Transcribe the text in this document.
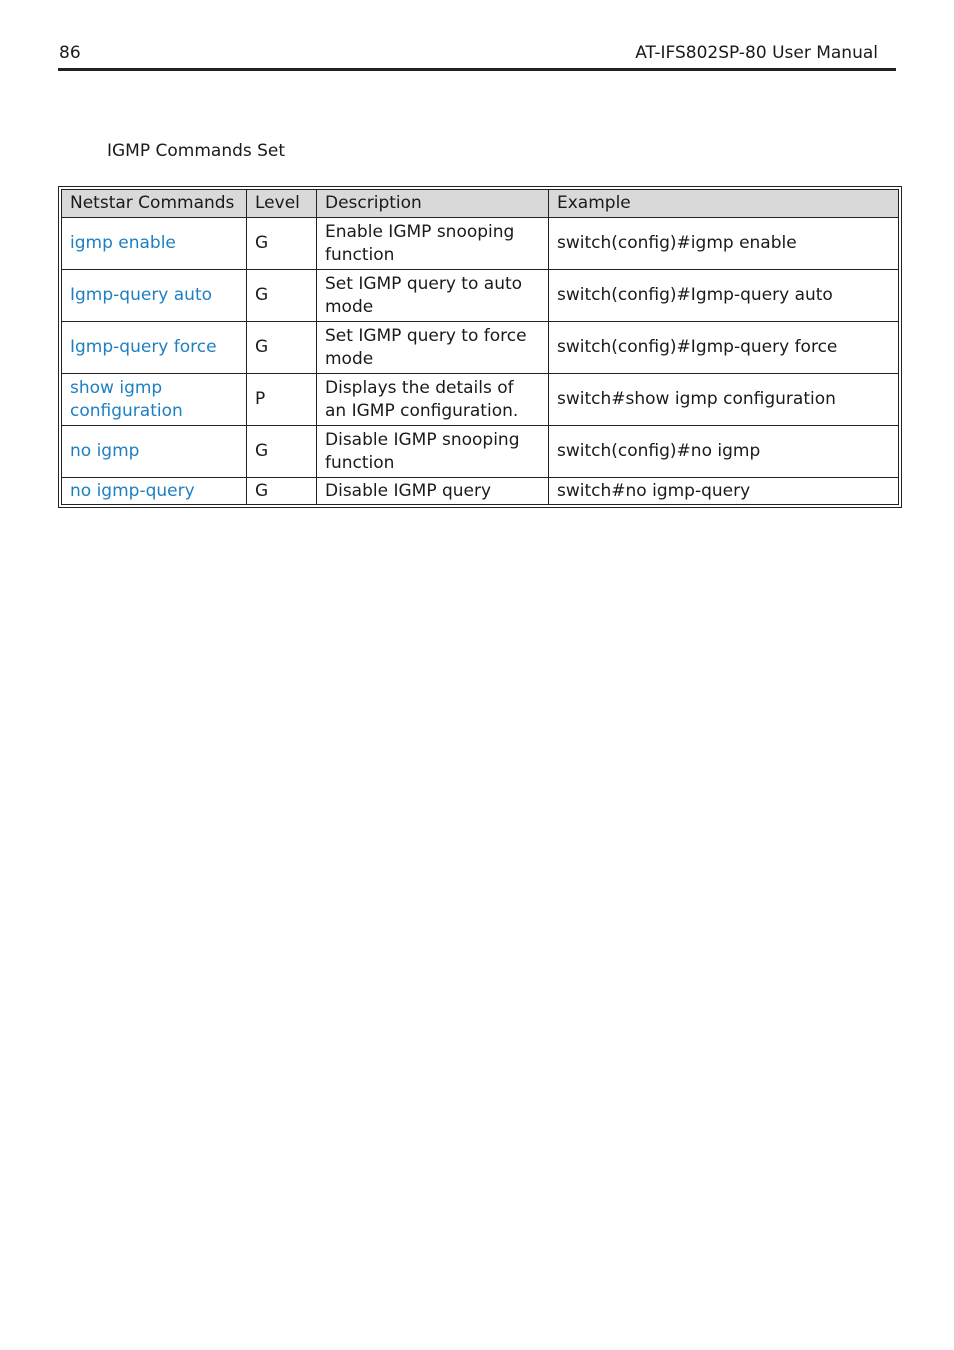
86	AT-IFS802SP-80 User Manual
IGMP Commands Set
Netstar Commands	Level	Description	Example
igmp enable	G	Enable IGMP snooping function	switch(config)#igmp enable
Igmp-query auto	G	Set IGMP query to auto mode	switch(config)#Igmp-query auto
Igmp-query force	G	Set IGMP query to force mode	switch(config)#Igmp-query force
show igmp configuration	P	Displays the details of an IGMP configuration.	switch#show igmp configuration
no igmp	G	Disable IGMP snooping function	switch(config)#no igmp
no igmp-query	G	Disable IGMP query	switch#no igmp-query
